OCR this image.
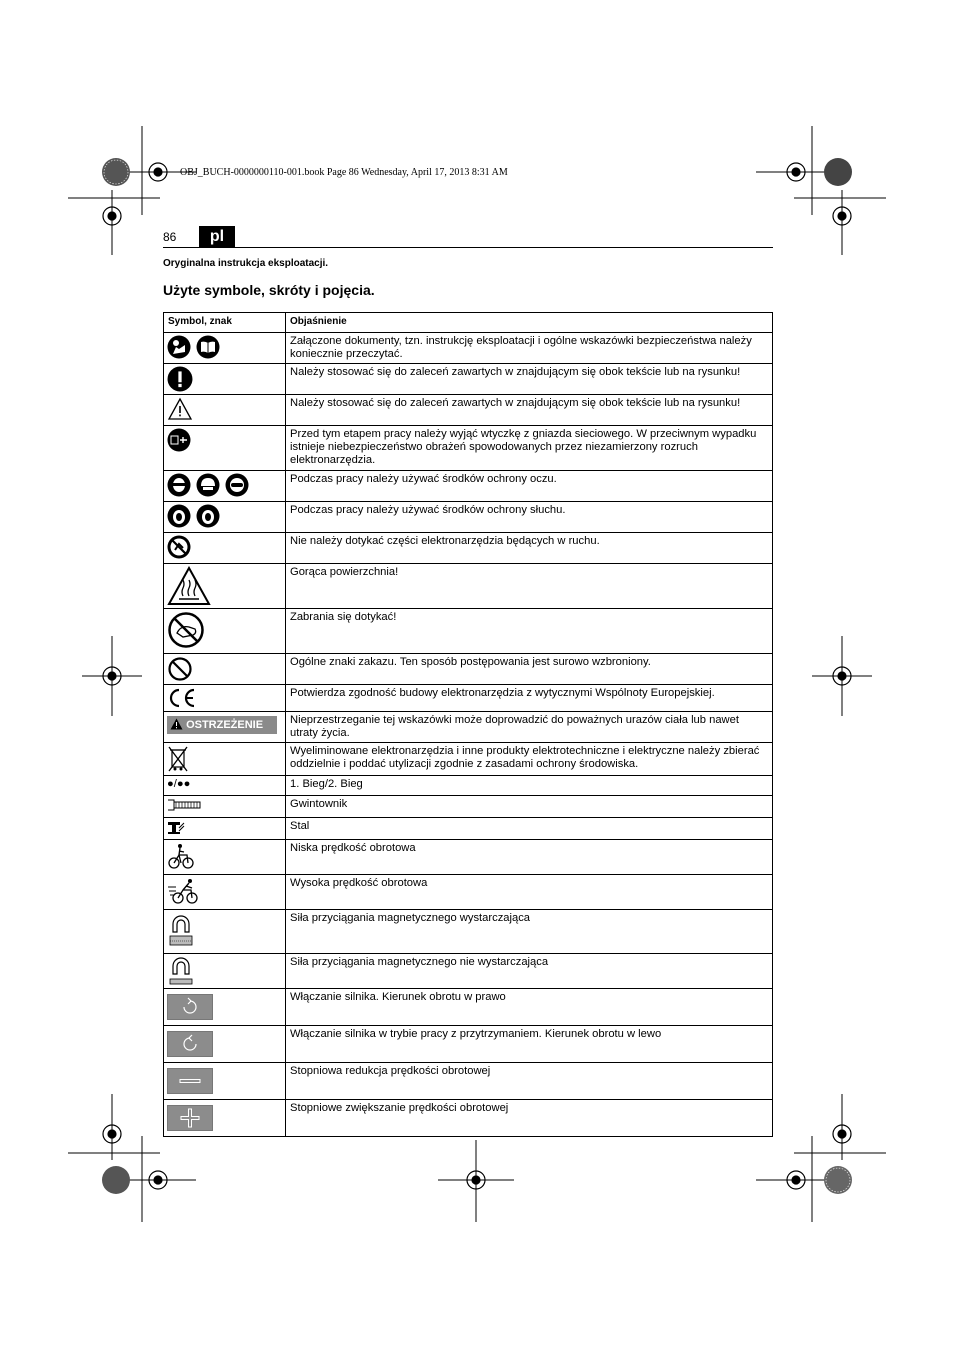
OBJ_BUCH-0000000110-001.book Page 86 Wednesday, April 17, 2013 8:31 AM
86	pl
Oryginalna instrukcja eksploatacji.
Użyte symbole, skróty i pojęcia.
Symbol, znak	Objaśnienie
	Załączone dokumenty, tzn. instrukcję eksploatacji i ogólne wskazówki bezpieczeństwa należy koniecznie przeczytać.
	Należy stosować się do zaleceń zawartych w znajdującym się obok tekście lub na rysunku!
	Należy stosować się do zaleceń zawartych w znajdującym się obok tekście lub na rysunku!
	Przed tym etapem pracy należy wyjąć wtyczkę z gniazda sieciowego. W przeciwnym wypadku istnieje niebezpieczeństwo obrażeń spowodowanych przez niezamierzony rozruch elektronarzędzia.
	Podczas pracy należy używać środków ochrony oczu.
	Podczas pracy należy używać środków ochrony słuchu.
	Nie należy dotykać części elektronarzędzia będących w ruchu.
	Gorąca powierzchnia!
	Zabrania się dotykać!
	Ogólne znaki zakazu. Ten sposób postępowania jest surowo wzbroniony.
	Potwierdza zgodność budowy elektronarzędzia z wytycznymi Wspólnoty Europejskiej.
OSTRZEŻENIE	Nieprzestrzeganie tej wskazówki może doprowadzić do poważnych urazów ciała lub nawet utraty życia.
	Wyeliminowane elektronarzędzia i inne produkty elektrotechniczne i elektryczne należy zbierać oddzielnie i poddać utylizacji zgodnie z zasadami ochrony środowiska.
●/●●	1. Bieg/2. Bieg
	Gwintownik
	Stal
	Niska prędkość obrotowa
	Wysoka prędkość obrotowa
	Siła przyciągania magnetycznego wystarczająca
	Siła przyciągania magnetycznego nie wystarczająca
	Włączanie silnika. Kierunek obrotu w prawo
	Włączanie silnika w trybie pracy z przytrzymaniem. Kierunek obrotu w lewo
	Stopniowa redukcja prędkości obrotowej
	Stopniowe zwiększanie prędkości obrotowej
